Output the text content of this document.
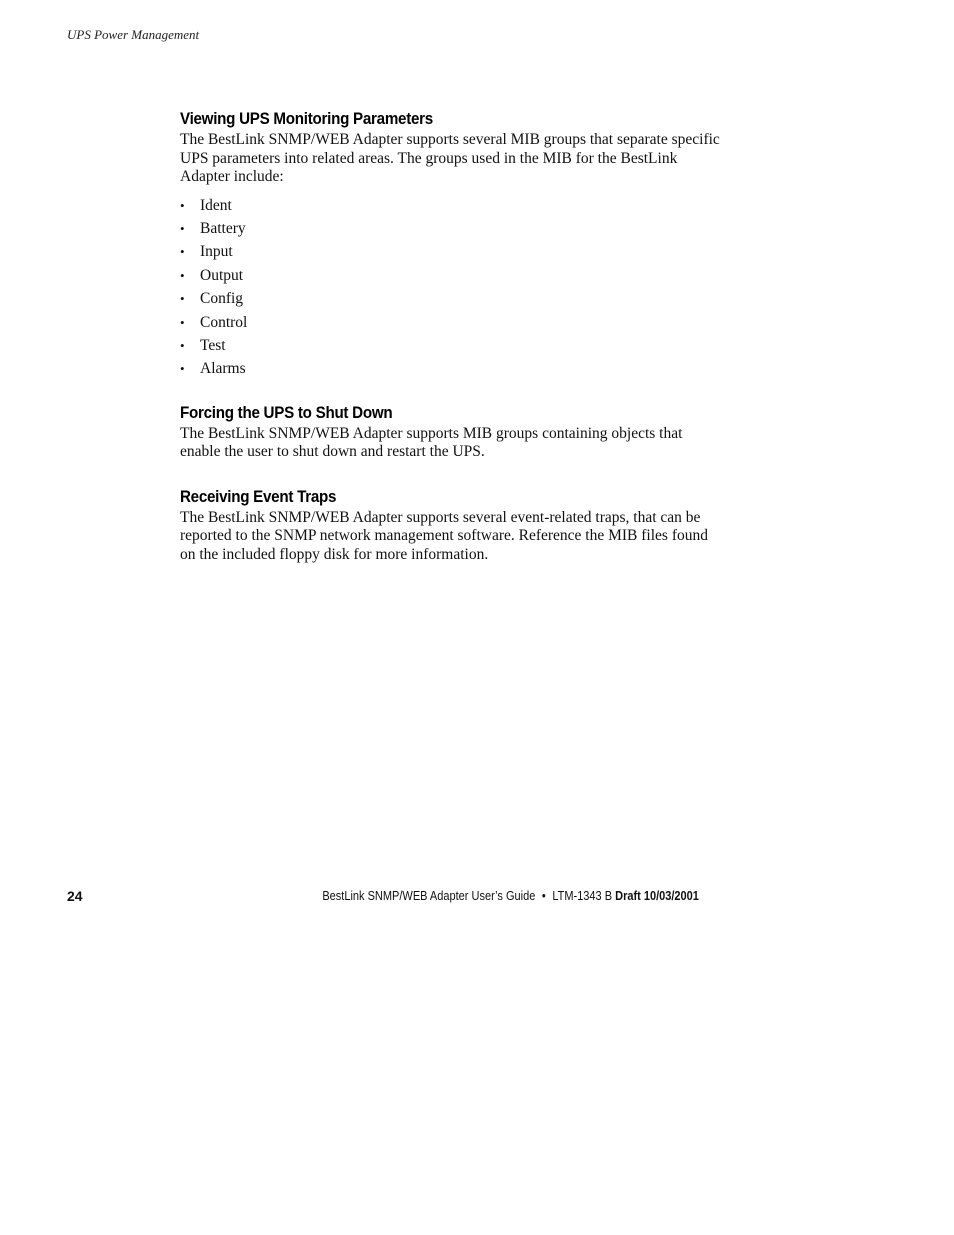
UPS Power Management
Viewing UPS Monitoring Parameters

The BestLink SNMP/WEB Adapter supports several MIB groups that separate specific UPS parameters into related areas. The groups used in the MIB for the BestLink Adapter include:

• Ident
• Battery
• Input
• Output
• Config
• Control
• Test
• Alarms
Forcing the UPS to Shut Down

The BestLink SNMP/WEB Adapter supports MIB groups containing objects that enable the user to shut down and restart the UPS.

Receiving Event Traps

The BestLink SNMP/WEB Adapter supports several event-related traps, that can be reported to the SNMP network management software. Reference the MIB files found on the included floppy disk for more information.

24	BestLink SNMP/WEB Adapter User’s Guide • LTM-1343 B Draft 10/03/2001
